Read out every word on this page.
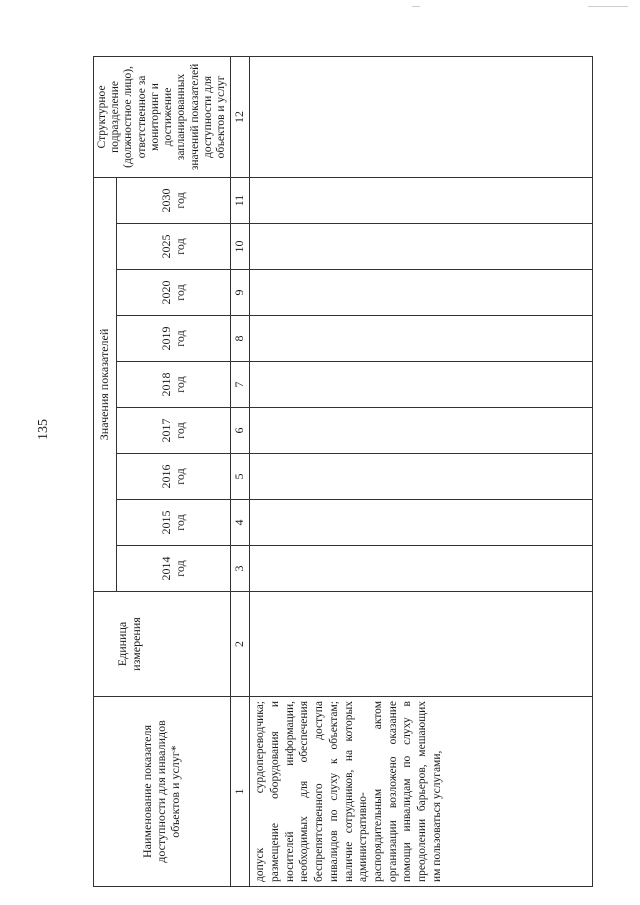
135
Наименование показателя доступности для инвалидов объектов и услуг*	Единица измерения	Значения показателей									Структурное подразделение (должностное лицо), ответственное за мониторинг и достижение запланированных значений показателей доступности для объектов и услуг
		2014 год	2015 год	2016 год	2017 год	2018 год	2019 год	2020 год	2025 год	2030 год	
1	2	3	4	5	6	7	8	9	10	11	12
допуск сурдопереводчика; размещение оборудования и носителей информации, необходимых для обеспечения беспрепятственного доступа инвалидов по слуху к объектам; наличие сотрудников, на которых административно-распорядительным актом организации возложено оказание помощи инвалидам по слуху в преодолении барьеров, мешающих им пользоваться услугами,											
